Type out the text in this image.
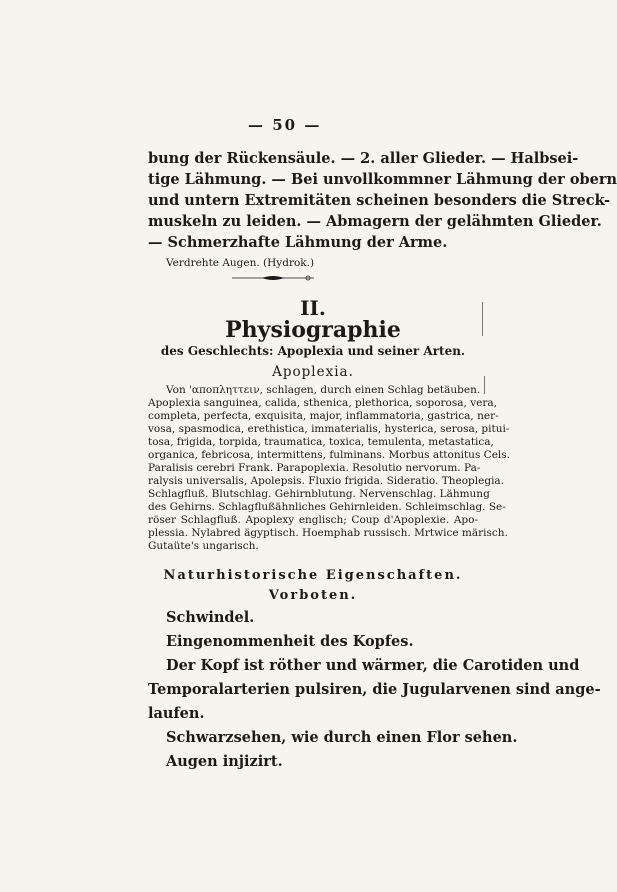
— 50 —
bung der Rückensäule. — 2. aller Glieder. — Halbsei-
tige Lähmung. — Bei unvollkommner Lähmung der obern
und untern Extremitäten scheinen besonders die Streck-
muskeln zu leiden. — Abmagern der gelähmten Glieder.
— Schmerzhafte Lähmung der Arme.
Verdrehte Augen. (Hydrok.)
II.
Physiographie
des Geschlechts: Apoplexia und seiner Arten.
Apoplexia.
Von 'αποπληττειν, schlagen, durch einen Schlag betäuben.
Apoplexia sanguinea, calida, sthenica, plethorica, soporosa, vera,
completa, perfecta, exquisita, major, inflammatoria, gastrica, ner-
vosa, spasmodica, erethistica, immaterialis, hysterica, serosa, pitui-
tosa, frigida, torpida, traumatica, toxica, temulenta, metastatica,
organica, febricosa, intermittens, fulminans. Morbus attonitus Cels.
Paralisis cerebri Frank. Parapoplexia. Resolutio nervorum. Pa-
ralysis universalis, Apolepsis. Fluxio frigida. Sideratio. Theoplegia.
Schlagfluß. Blutschlag. Gehirnblutung. Nervenschlag. Lähmung
des Gehirns. Schlagflußähnliches Gehirnleiden. Schleimschlag. Se-
röser Schlagfluß. Apoplexy englisch; Coup d'Apoplexie. Apo-
plessia. Nylabred ägyptisch. Hoemphab russisch. Mrtwice märisch.
Gutaüte's ungarisch.
Naturhistorische Eigenschaften.
Vorboten.
Schwindel.
Eingenommenheit des Kopfes.
Der Kopf ist röther und wärmer, die Carotiden und
Temporalarterien pulsiren, die Jugularvenen sind ange-
laufen.
Schwarzsehen, wie durch einen Flor sehen.
Augen injizirt.
